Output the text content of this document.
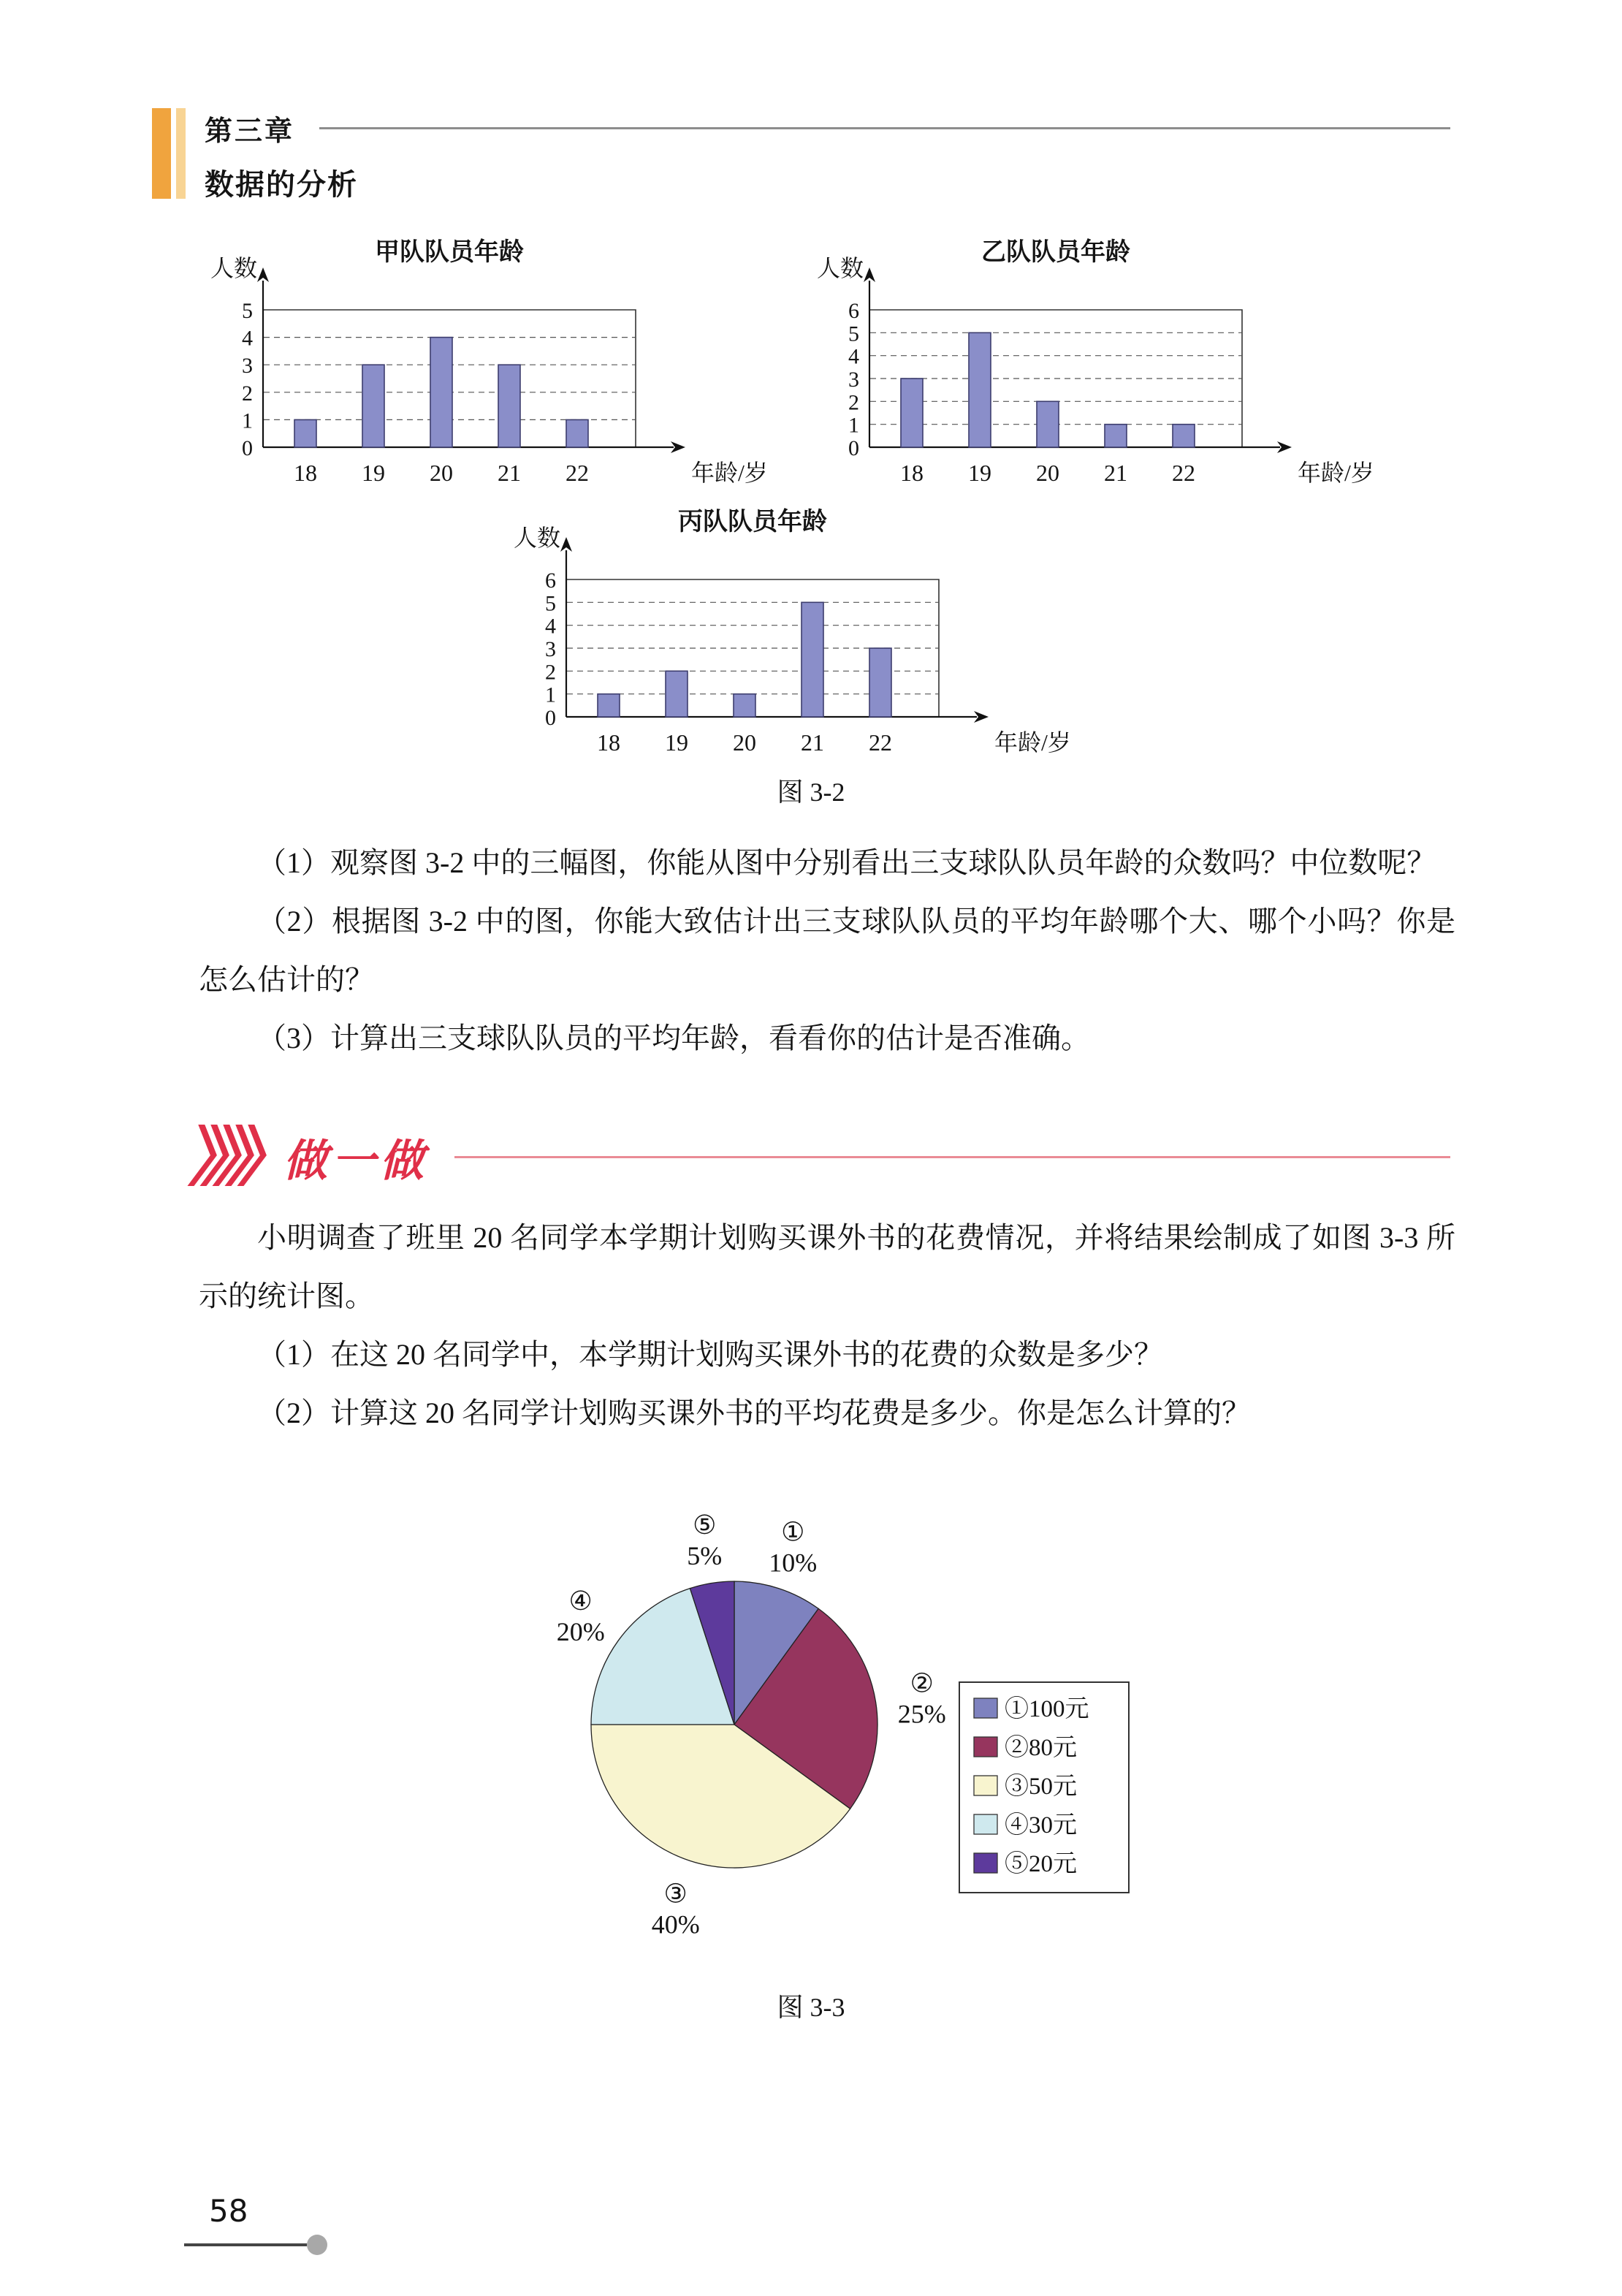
第三章
数据的分析
甲队队员年龄
人数
年龄/岁
0
1
2
3
4
5
18 19 20 21 22
乙队队员年龄
人数
年龄/岁
0
1
2
3
4
5
6
18 19 20 21 22
丙队队员年龄
人数
年龄/岁
0
1
2
3
4
5
6
18 19 20 21 22
图 3-2

（1）观察图 3-2 中的三幅图，你能从图中分别看出三支球队队员年龄的众数吗？中位数呢？

（2）根据图 3-2 中的图，你能大致估计出三支球队队员的平均年龄哪个大、哪个小吗？你是怎么估计的？

（3）计算出三支球队队员的平均年龄，看看你的估计是否准确。

做一做

小明调查了班里 20 名同学本学期计划购买课外书的花费情况，并将结果绘制成了如图 3-3 所示的统计图。

（1）在这 20 名同学中，本学期计划购买课外书的花费的众数是多少？

（2）计算这 20 名同学计划购买课外书的平均花费是多少。你是怎么计算的？

①
10%
②
25%
③
40%
④
20%
⑤
5%
①100元
②80元
③50元
④30元
⑤20元
图 3-3
58
